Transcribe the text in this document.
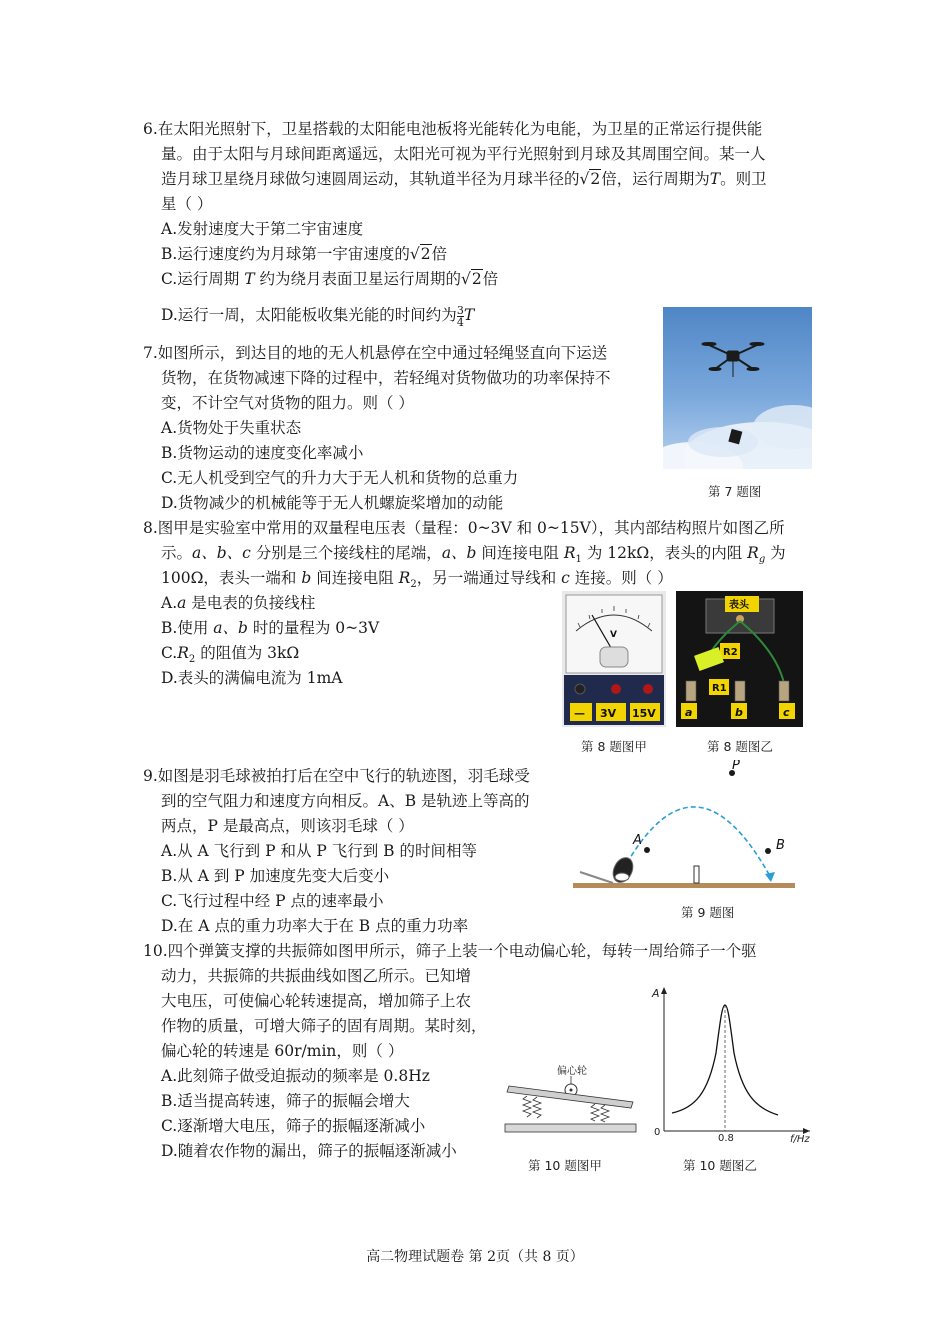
6.在太阳光照射下，卫星搭载的太阳能电池板将光能转化为电能，为卫星的正常运行提供能
量。由于太阳与月球间距离遥远，太阳光可视为平行光照射到月球及其周围空间。某一人
造月球卫星绕月球做匀速圆周运动，其轨道半径为月球半径的√2倍，运行周期为T。则卫
星（ ）
A.发射速度大于第二宇宙速度
B.运行速度约为月球第一宇宙速度的√2倍
C.运行周期 T 约为绕月表面卫星运行周期的√2倍
D.运行一周，太阳能板收集光能的时间约为 $\frac{3}{4}$ T
7.如图所示，到达目的地的无人机悬停在空中通过轻绳竖直向下运送
货物，在货物减速下降的过程中，若轻绳对货物做功的功率保持不
变，不计空气对货物的阻力。则（ ）
A.货物处于失重状态
B.货物运动的速度变化率减小
C.无人机受到空气的升力大于无人机和货物的总重力
D.货物减少的机械能等于无人机螺旋桨增加的动能
第 7 题图
8.图甲是实验室中常用的双量程电压表（量程：0~3V 和 0~15V），其内部结构照片如图乙所
示。a、b、c 分别是三个接线柱的尾端，a、b 间连接电阻 $R_1$ 为 12kΩ，表头的内阻 $R_g$ 为
100Ω，表头一端和 b 间连接电阻 $R_2$，另一端通过导线和 c 连接。则（ ）
A.a 是电表的负接线柱
B.使用 a、b 时的量程为 0~3V
$C.R_2$ 的阻值为 3kΩ
D.表头的满偏电流为 1mA
V
— 3V 15V
第 8 题图甲
表头
R2
R1
a	b	c
第 8 题图乙
9.如图是羽毛球被拍打后在空中飞行的轨迹图，羽毛球受
到的空气阻力和速度方向相反。A、B 是轨迹上等高的
两点，P 是最高点，则该羽毛球（ ）
A.从 A 飞行到 P 和从 P 飞行到 B 的时间相等
B.从 A 到 P 加速度先变大后变小
C.飞行过程中经 P 点的速率最小
D.在 A 点的重力功率大于在 B 点的重力功率
A
P
B
第 9 题图
10.四个弹簧支撑的共振筛如图甲所示，筛子上装一个电动偏心轮，每转一周给筛子一个驱
动力，共振筛的共振曲线如图乙所示。已知增
大电压，可使偏心轮转速提高，增加筛子上农
作物的质量，可增大筛子的固有周期。某时刻，
偏心轮的转速是 60r/min，则（ ）
A.此刻筛子做受迫振动的频率是 0.8Hz
B.适当提高转速，筛子的振幅会增大
C.逐渐增大电压，筛子的振幅逐渐减小
D.随着农作物的漏出，筛子的振幅逐渐减小
偏心轮
第 10 题图甲
A
0
0.8	f/Hz
第 10 题图乙
高二物理试题卷 第 2页（共 8 页）
